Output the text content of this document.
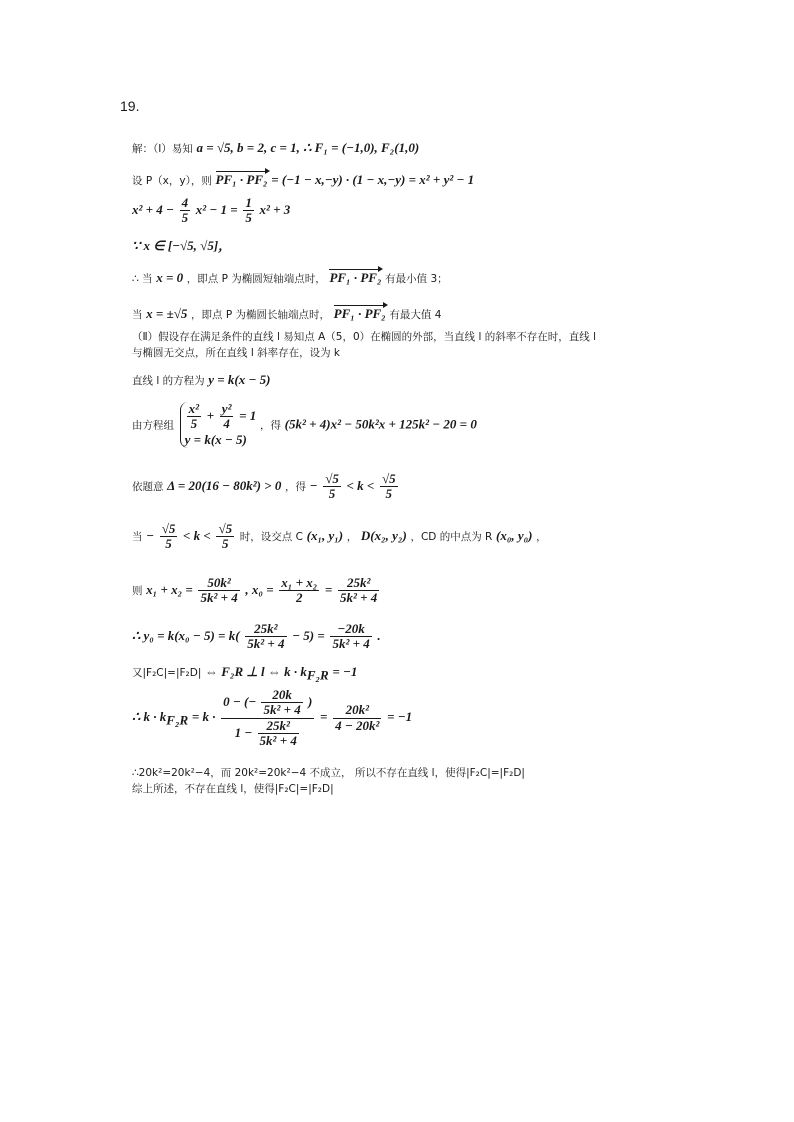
19.
解：（Ⅰ）易知 a = √5, b = 2, c = 1, ∴ F₁ = (−1,0), F₂(1,0)
设 P（x，y），则 PF₁ · PF₂ = (−1 − x,−y) · (1 − x,−y) = x² + y² − 1
$x^2 + 4 - \frac{4}{5} x^2 - 1 = \frac{1}{5} x^2 + 3$
∵ x ∈ [−√5, √5]，
∴ 当 x = 0 ，即点 P 为椭圆短轴端点时， PF₁ · PF₂ 有最小值 3；
当 x = ±√5 ，即点 P 为椭圆长轴端点时， PF₁ · PF₂ 有最大值 4
（Ⅱ）假设存在满足条件的直线 l 易知点 A（5，0）在椭圆的外部，当直线 l 的斜率不存在时，直线 l
与椭圆无交点，所在直线 l 斜率存在，设为 k
直线 l 的方程为 y = k(x − 5)
由方程组 $\frac{\text{x²}}{5} + \frac{\text{y²}}{4} = 1$
y = k(x − 5)
，得 (5k² + 4)x² − 50k²x + 125k² − 20 = 0
依题意 Δ = 20(16 − 80k²) > 0 ，得 − $\frac{√5}{5} < k < \frac{√5}{5}$
当 − $\frac{√5}{5} < k < \frac{√5}{5}$ 时，设交点 C (x₁, y₁) ， D(x₂, y₂) ，CD 的中点为 R (x₀, y₀) ，
则 $x_1 + x_2 = \frac{\text{50k²}}{\text{5k² + 4}}$ , $x_0 = \frac{\text{x₁ + x₂}}{2} = \frac{\text{25k²}}{\text{5k² + 4}}$
∴ $y_0 = k(x_0 - 5) = k( \frac{\text{25k²}}{\text{5k² + 4}} - 5) = \frac{-20k}{\text{5k² + 4}}$ .
又|F₂C|=|F₂D| ⇔ F₂R ⊥ l ⇔ $k \cdot k_{F_2R} = -1$
∴ $k \cdot k_{F_2R} = k \cdot \frac{0 - (- \frac{20k}{\text{5k² + 4}} )}{1 - \frac{\text{25k²}}{\text{5k² + 4}}} = \frac{\text{20k²}}{\text{4 − 20k²}} = -1$
∴20k²=20k²−4，而 20k²=20k²−4 不成立， 所以不存在直线 l，使得|F₂C|=|F₂D|
综上所述，不存在直线 l，使得|F₂C|=|F₂D|
